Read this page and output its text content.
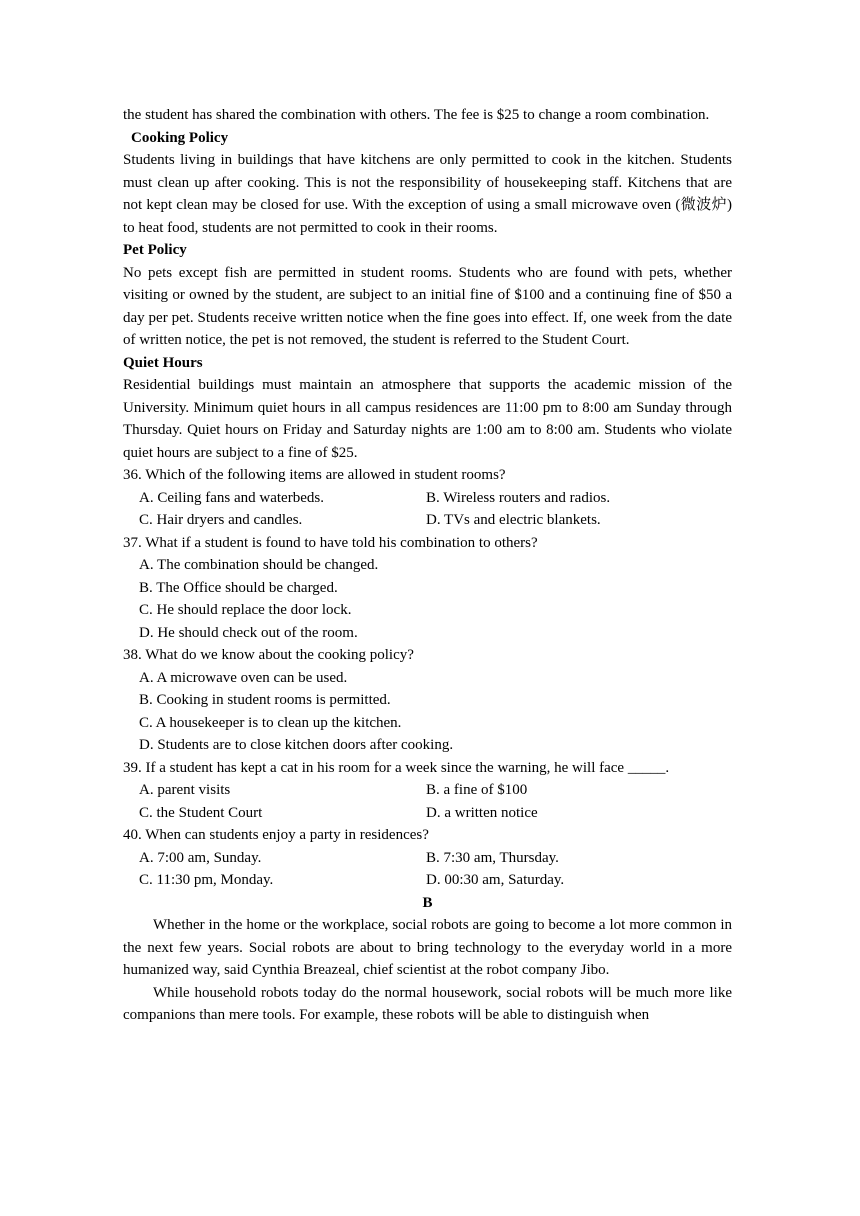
the student has shared the combination with others. The fee is $25 to change a room combination.

Cooking Policy

Students living in buildings that have kitchens are only permitted to cook in the kitchen. Students must clean up after cooking. This is not the responsibility of housekeeping staff. Kitchens that are not kept clean may be closed for use. With the exception of using a small microwave oven (微波炉) to heat food, students are not permitted to cook in their rooms.

Pet Policy

No pets except fish are permitted in student rooms. Students who are found with pets, whether visiting or owned by the student, are subject to an initial fine of $100 and a continuing fine of $50 a day per pet. Students receive written notice when the fine goes into effect. If, one week from the date of written notice, the pet is not removed, the student is referred to the Student Court.

Quiet Hours

Residential buildings must maintain an atmosphere that supports the academic mission of the University. Minimum quiet hours in all campus residences are 11:00 pm to 8:00 am Sunday through Thursday. Quiet hours on Friday and Saturday nights are 1:00 am to 8:00 am. Students who violate quiet hours are subject to a fine of $25.

36. Which of the following items are allowed in student rooms?

A. Ceiling fans and waterbeds.	B. Wireless routers and radios.
C. Hair dryers and candles.	D. TVs and electric blankets.

37. What if a student is found to have told his combination to others?

A. The combination should be changed.

B. The Office should be charged.

C. He should replace the door lock.

D. He should check out of the room.

38. What do we know about the cooking policy?

A. A microwave oven can be used.

B. Cooking in student rooms is permitted.

C. A housekeeper is to clean up the kitchen.

D. Students are to close kitchen doors after cooking.

39. If a student has kept a cat in his room for a week since the warning, he will face _____.

A. parent visits	B. a fine of $100
C. the Student Court	D. a written notice

40. When can students enjoy a party in residences?

A. 7:00 am, Sunday.	B. 7:30 am, Thursday.
C. 11:30 pm, Monday.	D. 00:30 am, Saturday.

B

Whether in the home or the workplace, social robots are going to become a lot more common in the next few years. Social robots are about to bring technology to the everyday world in a more humanized way, said Cynthia Breazeal, chief scientist at the robot company Jibo.

While household robots today do the normal housework, social robots will be much more like companions than mere tools. For example, these robots will be able to distinguish when
